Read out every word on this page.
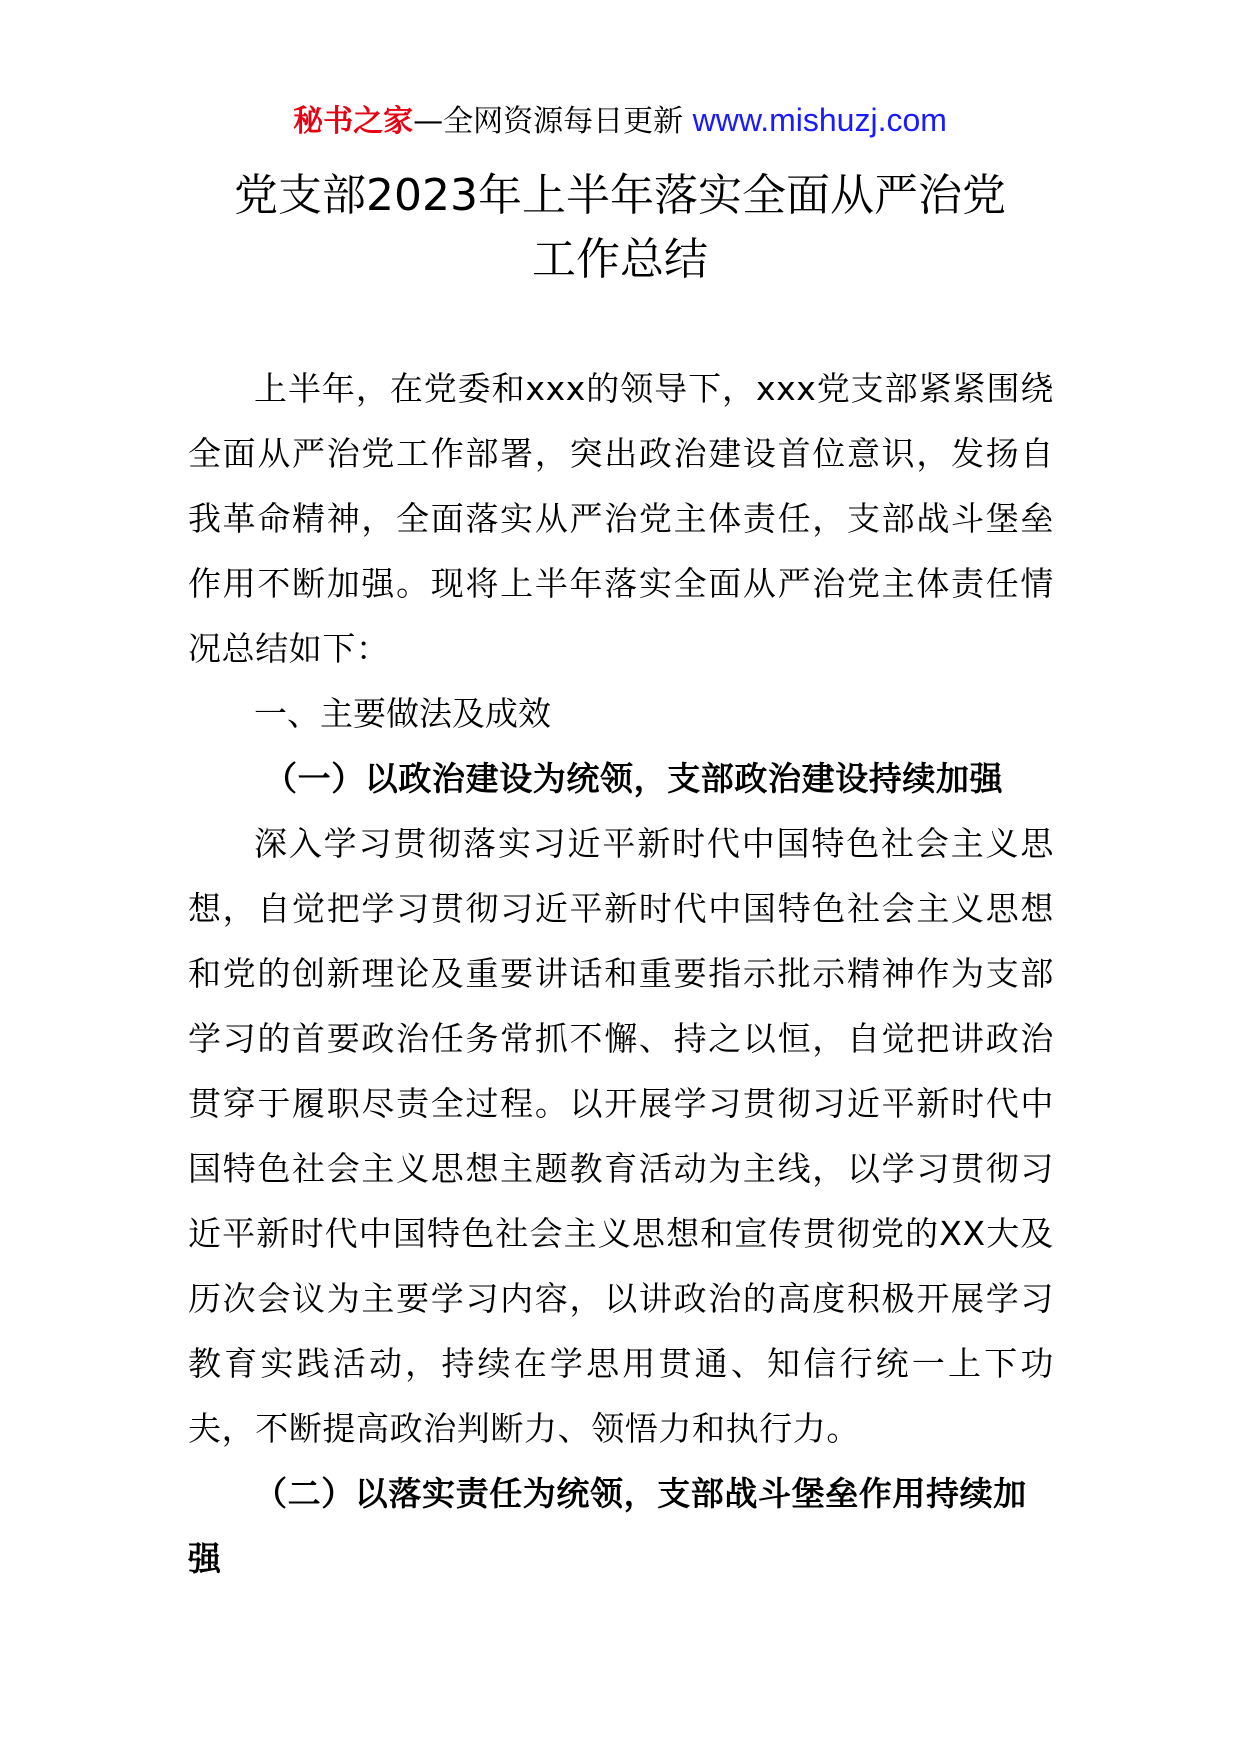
秘书之家—全网资源每日更新 www.mishuzj.com
党支部2023年上半年落实全面从严治党
工作总结

上半年，在党委和xxx的领导下，xxx党支部紧紧围绕全面从严治党工作部署，突出政治建设首位意识，发扬自我革命精神，全面落实从严治党主体责任，支部战斗堡垒作用不断加强。现将上半年落实全面从严治党主体责任情况总结如下：

一、主要做法及成效

（一）以政治建设为统领，支部政治建设持续加强

深入学习贯彻落实习近平新时代中国特色社会主义思想，自觉把学习贯彻习近平新时代中国特色社会主义思想和党的创新理论及重要讲话和重要指示批示精神作为支部学习的首要政治任务常抓不懈、持之以恒，自觉把讲政治贯穿于履职尽责全过程。以开展学习贯彻习近平新时代中国特色社会主义思想主题教育活动为主线，以学习贯彻习近平新时代中国特色社会主义思想和宣传贯彻党的XX大及历次会议为主要学习内容，以讲政治的高度积极开展学习教育实践活动，持续在学思用贯通、知信行统一上下功夫，不断提高政治判断力、领悟力和执行力。

（二）以落实责任为统领，支部战斗堡垒作用持续加强
